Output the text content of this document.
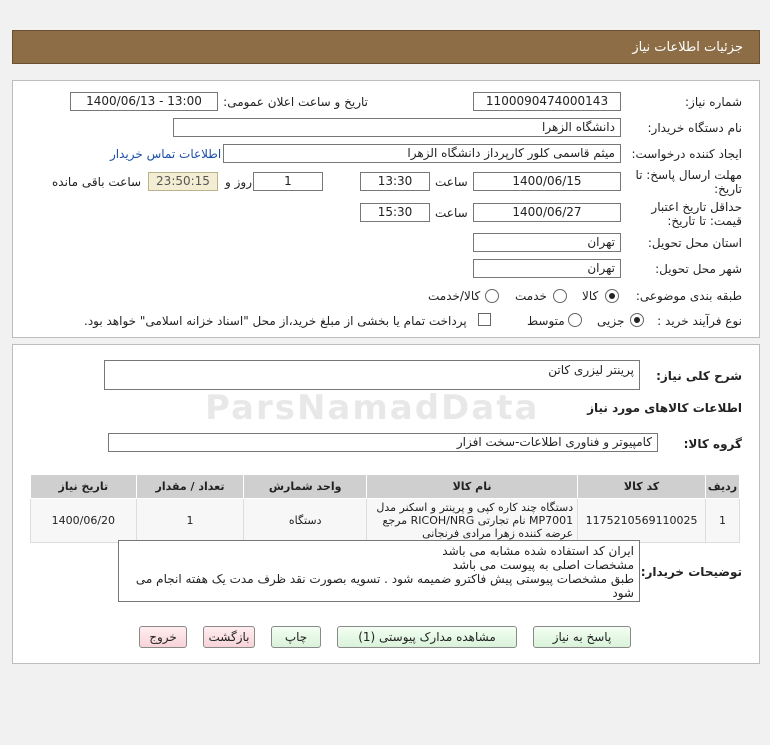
جزئيات اطلاعات نياز
شماره نیاز:
1100090474000143
تاریخ و ساعت اعلان عمومی:
1400/06/13 - 13:00
نام دستگاه خریدار:
دانشگاه الزهرا
ایجاد کننده درخواست:
میثم قاسمی کلور کارپرداز دانشگاه الزهرا
اطلاعات تماس خریدار
مهلت ارسال پاسخ: تا
تاریخ:
1400/06/15
ساعت
13:30
1
روز و
23:50:15
ساعت باقی مانده
حداقل تاریخ اعتبار
قیمت: تا تاریخ:
1400/06/27
ساعت
15:30
استان محل تحویل:
تهران
شهر محل تحویل:
تهران
طبقه بندی موضوعی:
کالا
خدمت
کالا/خدمت
نوع فرآیند خرید :
جزیی
متوسط
پرداخت تمام یا بخشی از مبلغ خرید،از محل "اسناد خزانه اسلامی" خواهد بود.
شرح کلی نیاز:
پرینتر لیزری کاتن
اطلاعات کالاهای مورد نیاز
گروه کالا:
کامپیوتر و فناوری اطلاعات-سخت افزار
ردیف	کد کالا	نام کالا	واحد شمارش	تعداد / مقدار	تاریخ نیاز
1	1175210569110025	دستگاه چند کاره کپی و پرینتر و اسکنر مدل MP7001 نام تجارتی RICOH/NRG مرجع عرضه کننده زهرا مرادی فرنجانی	دستگاه	1	1400/06/20
توضیحات خریدار:
ایران کد استفاده شده مشابه می باشد
مشخصات اصلی به پیوست می باشد
طبق مشخصات پیوستی پیش فاکترو ضمیمه شود . تسویه بصورت نقد ظرف مدت یک هفته انجام می شود
پاسخ به نیاز
مشاهده مدارک پیوستی (1)
چاپ
بازگشت
خروج
